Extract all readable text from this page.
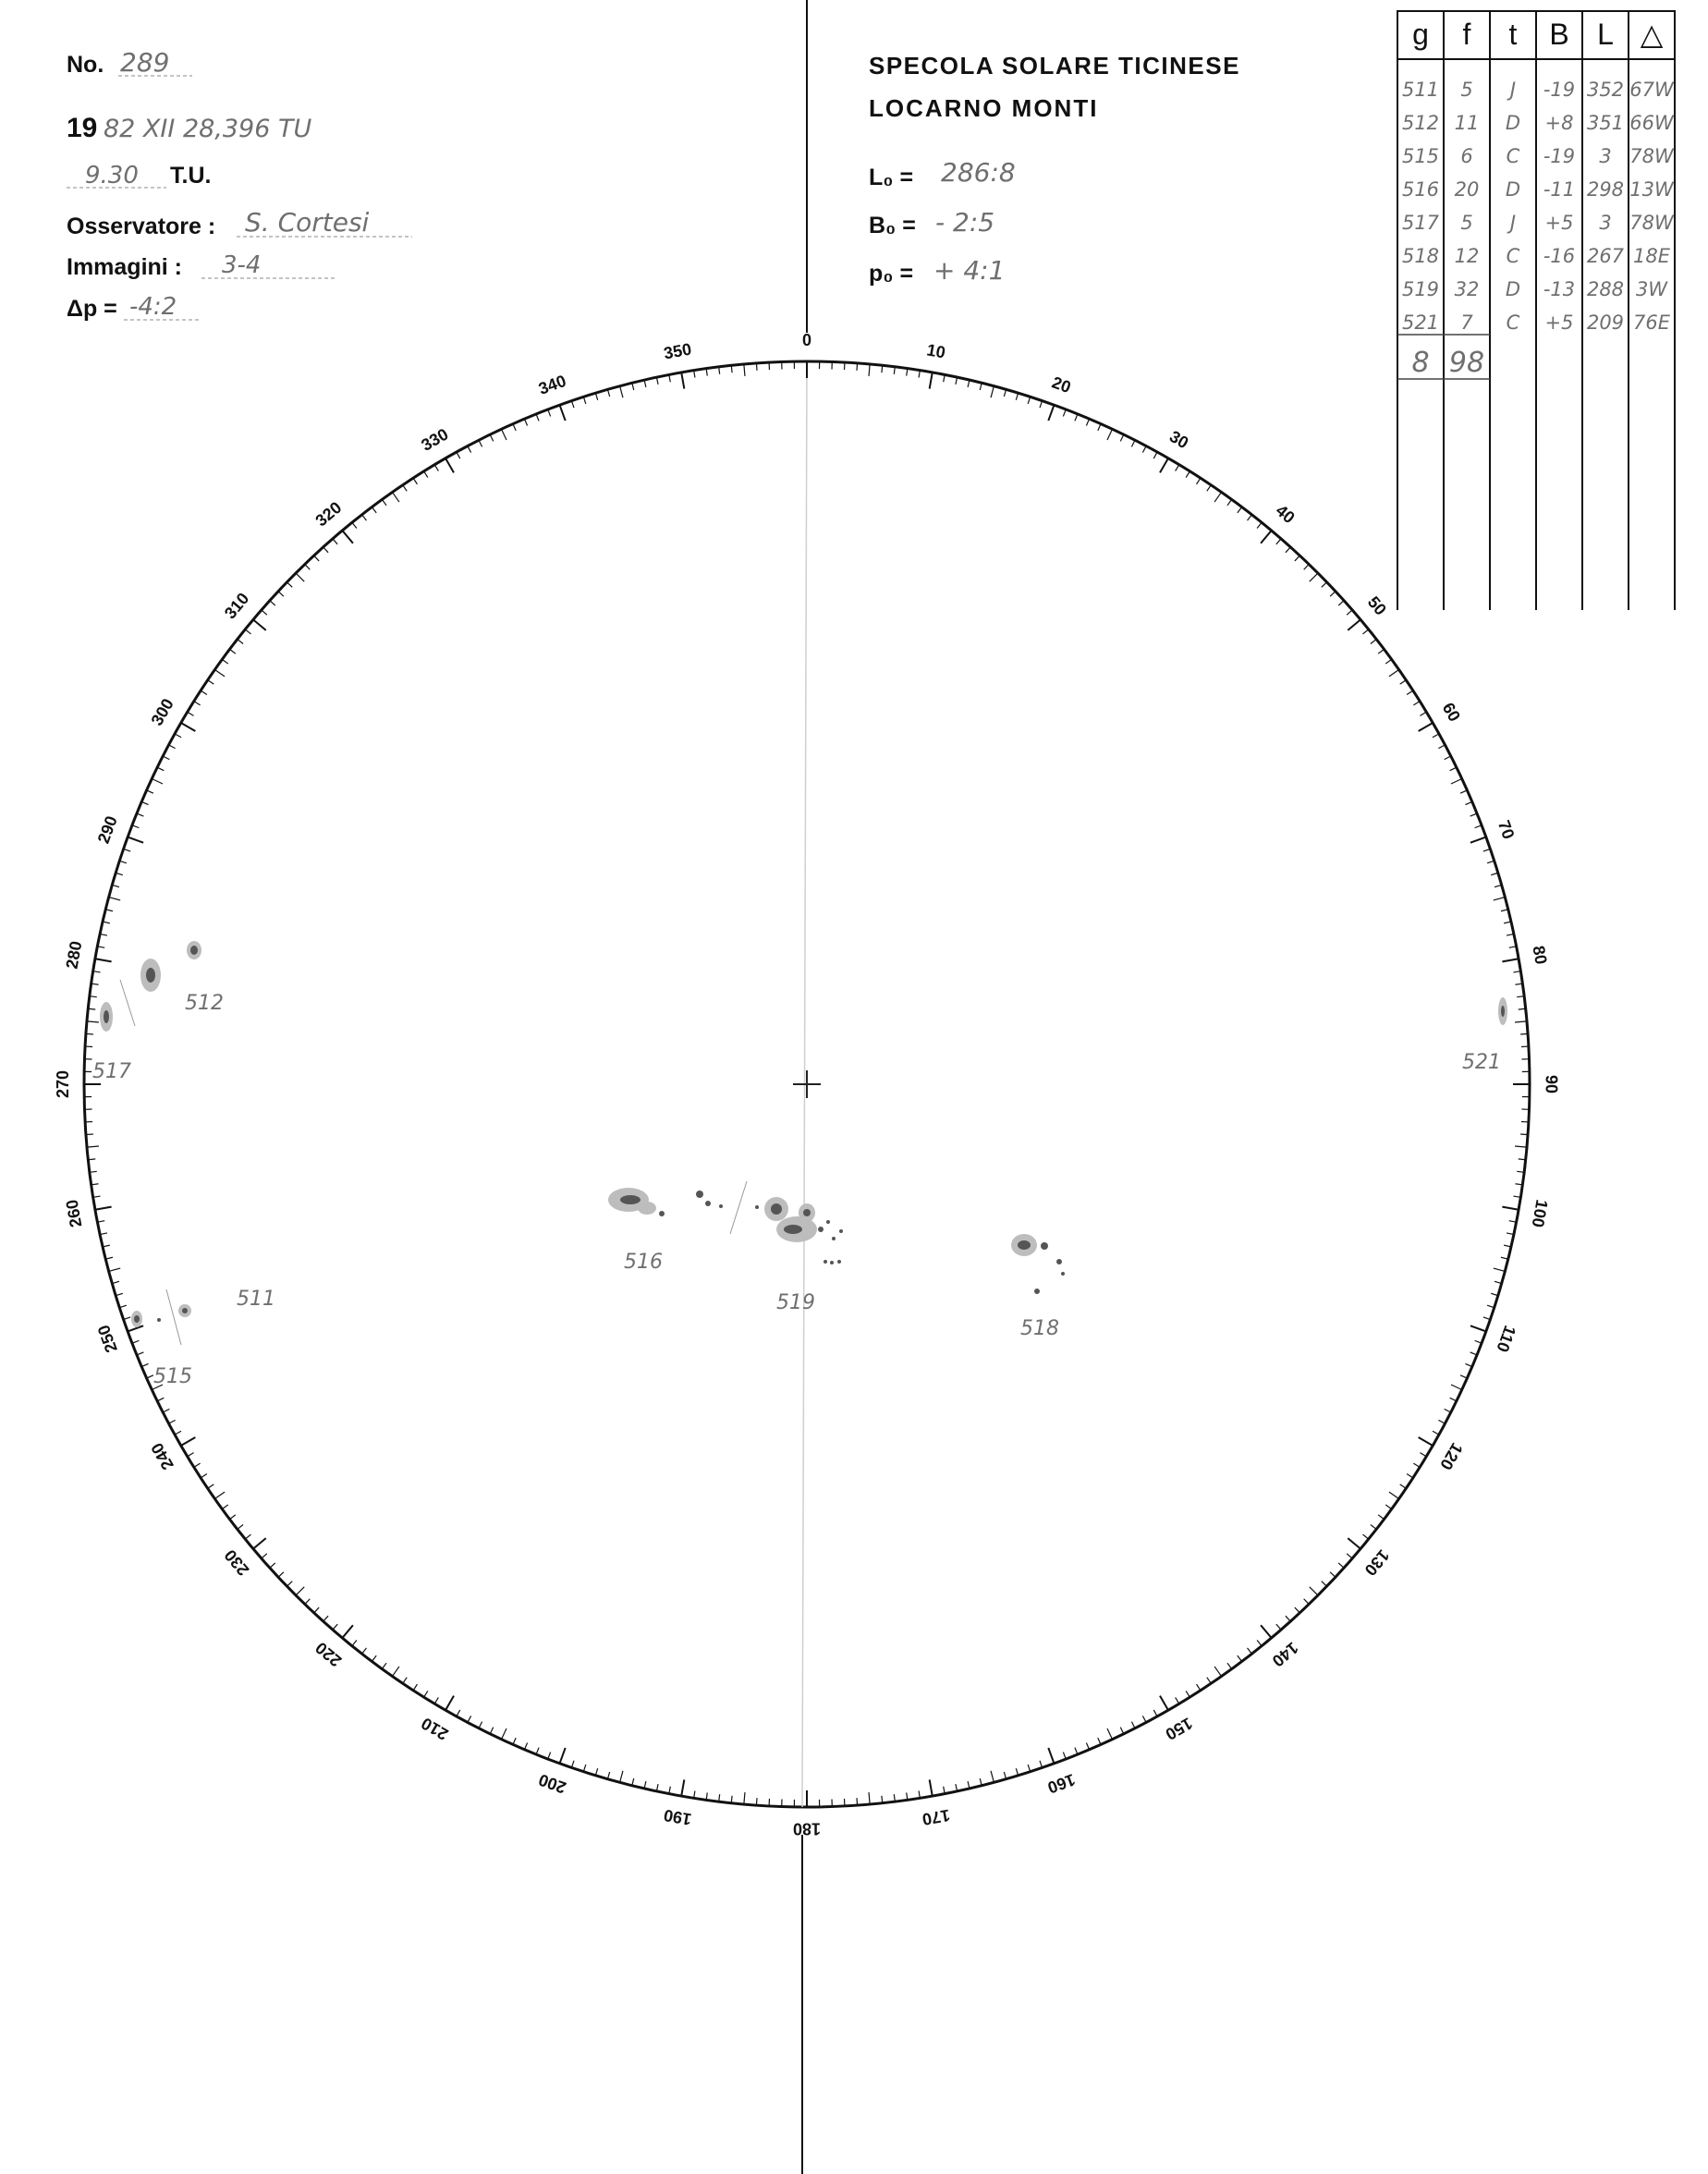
No. 289
19 82 XII 28,396 TU
9.30 T.U.
Osservatore : S. Cortesi
Immagini : 3-4
Δp = -4:2
SPECOLA SOLARE TICINESE
LOCARNO MONTI
L₀ = 286:8
B₀ = - 2:5
p₀ = + 4:1
g f t B L △
511 5 J -19 352 67W
512 11 D +8 351 66W
515 6 C -19 3 78W
516 20 D -11 298 13W
517 5 J +5 3 78W
518 12 C -16 267 18E
519 32 D -13 288 3W
521 7 C +5 209 76E
8 98
0
10
20
30
40
50
60
70
80
90
100
110
120
130
140
150
160
170
180
190
200
210
220
230
240
250
260
270
280
290
300
310
320
330
340
350
512
517
511
515
516
519
518
521
